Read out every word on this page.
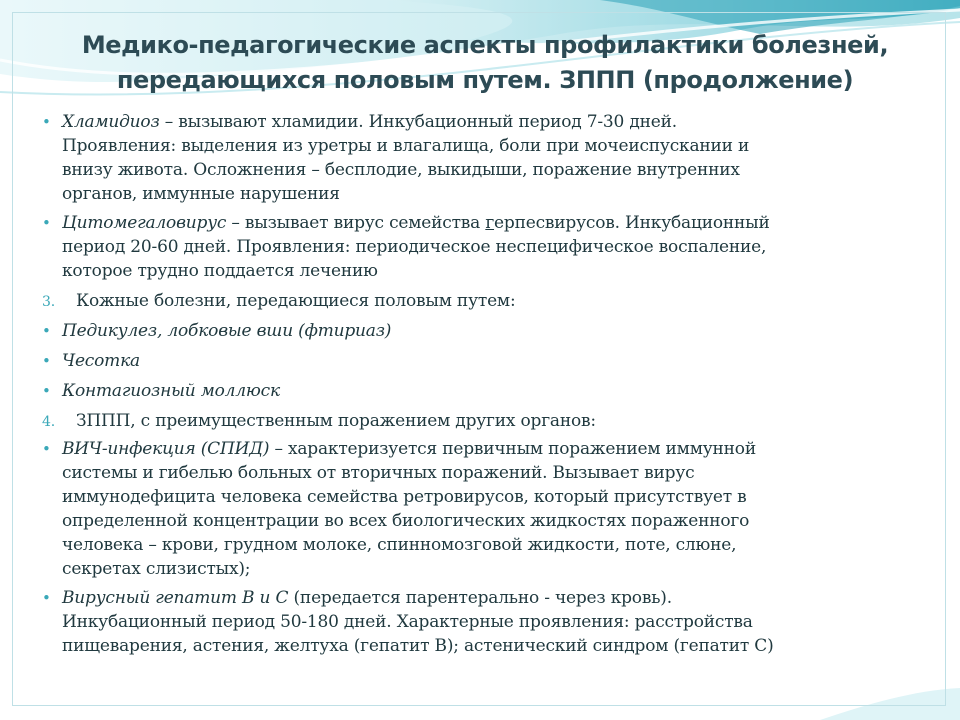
Медико-педагогические аспекты профилактики болезней,
передающихся половым путем. ЗППП (продолжение)
• Хламидиоз – вызывают хламидии. Инкубационный период 7-30 дней.
Проявления: выделения из уретры и влагалища, боли при мочеиспускании и
внизу живота. Осложнения – бесплодие, выкидыши, поражение внутренних
органов, иммунные нарушения
• Цитомегаловирус – вызывает вирус семейства герпесвирусов. Инкубационный
период 20-60 дней. Проявления: периодическое неспецифическое воспаление,
которое трудно поддается лечению
3. Кожные болезни, передающиеся половым путем:
• Педикулез, лобковые вши (фтириаз)
• Чесотка
• Контагиозный моллюск
4. ЗППП, с преимущественным поражением других органов:
• ВИЧ-инфекция (СПИД) – характеризуется первичным поражением иммунной
системы и гибелью больных от вторичных поражений. Вызывает вирус
иммунодефицита человека семейства ретровирусов, который присутствует в
определенной концентрации во всех биологических жидкостях пораженного
человека – крови, грудном молоке, спинномозговой жидкости, поте, слюне,
секретах слизистых);
• Вирусный гепатит В и С (передается парентерально - через кровь).
Инкубационный период 50-180 дней. Характерные проявления: расстройства
пищеварения, астения, желтуха (гепатит В); астенический синдром (гепатит С)
